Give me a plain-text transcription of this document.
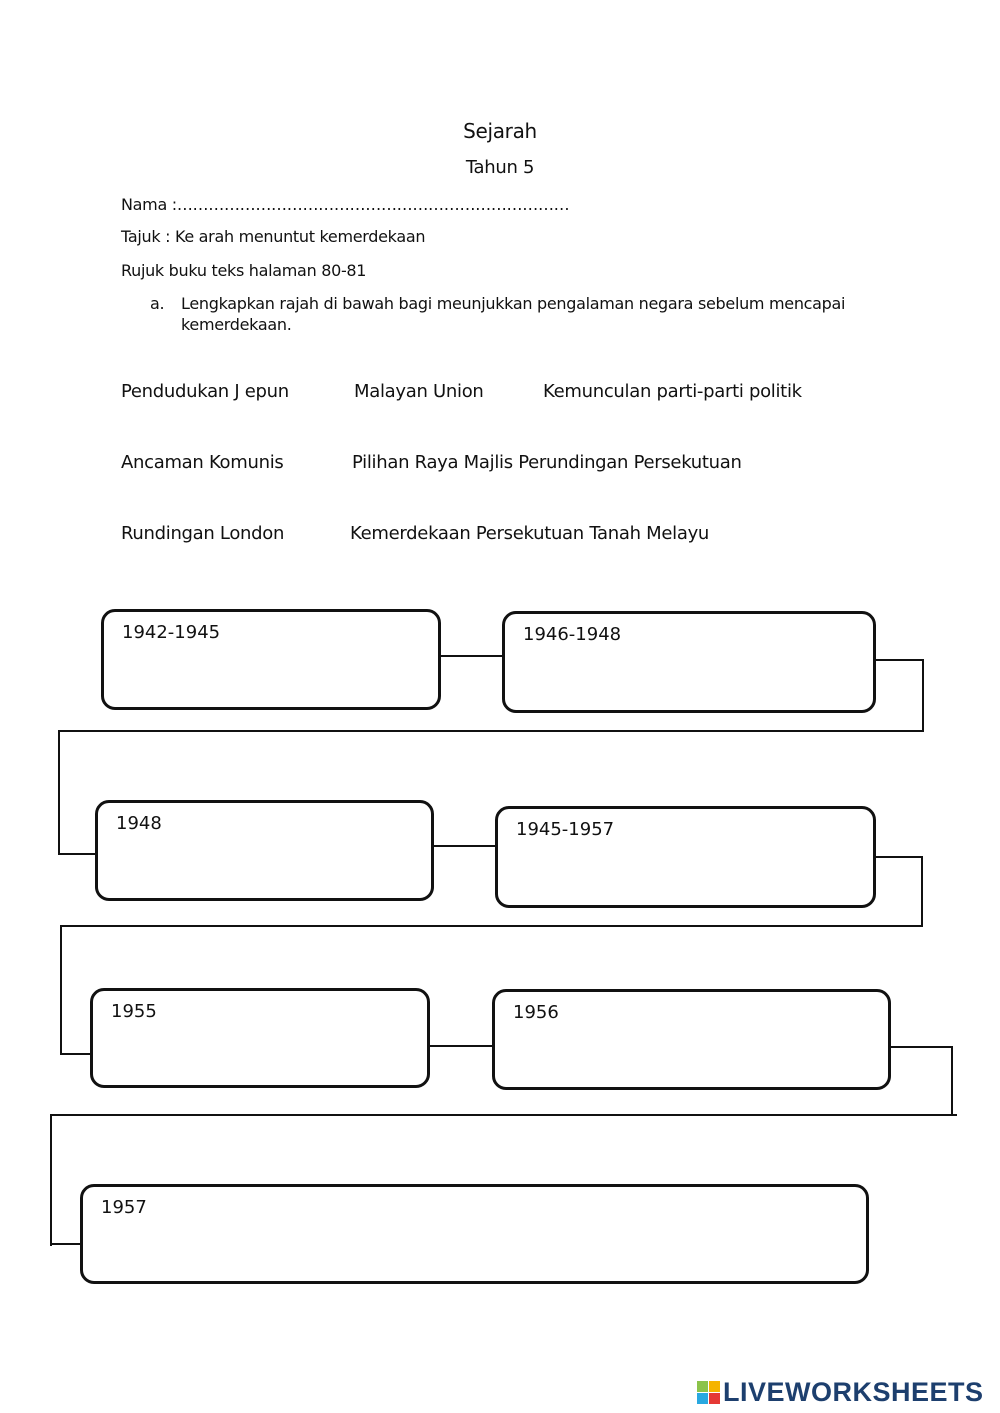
Sejarah
Tahun 5
Nama :…………………………………………………………………
Tajuk : Ke arah menuntut kemerdekaan
Rujuk buku teks halaman 80-81
a. Lengkapkan rajah di bawah bagi meunjukkan pengalaman negara sebelum mencapai
kemerdekaan.
Pendudukan J epun	Malayan Union	Kemunculan parti-parti politik
Ancaman Komunis	Pilihan Raya Majlis Perundingan Persekutuan
Rundingan London	Kemerdekaan Persekutuan Tanah Melayu
1942-1945	1946-1948
1948	1945-1957
1955	1956
1957
LIVEWORKSHEETS
